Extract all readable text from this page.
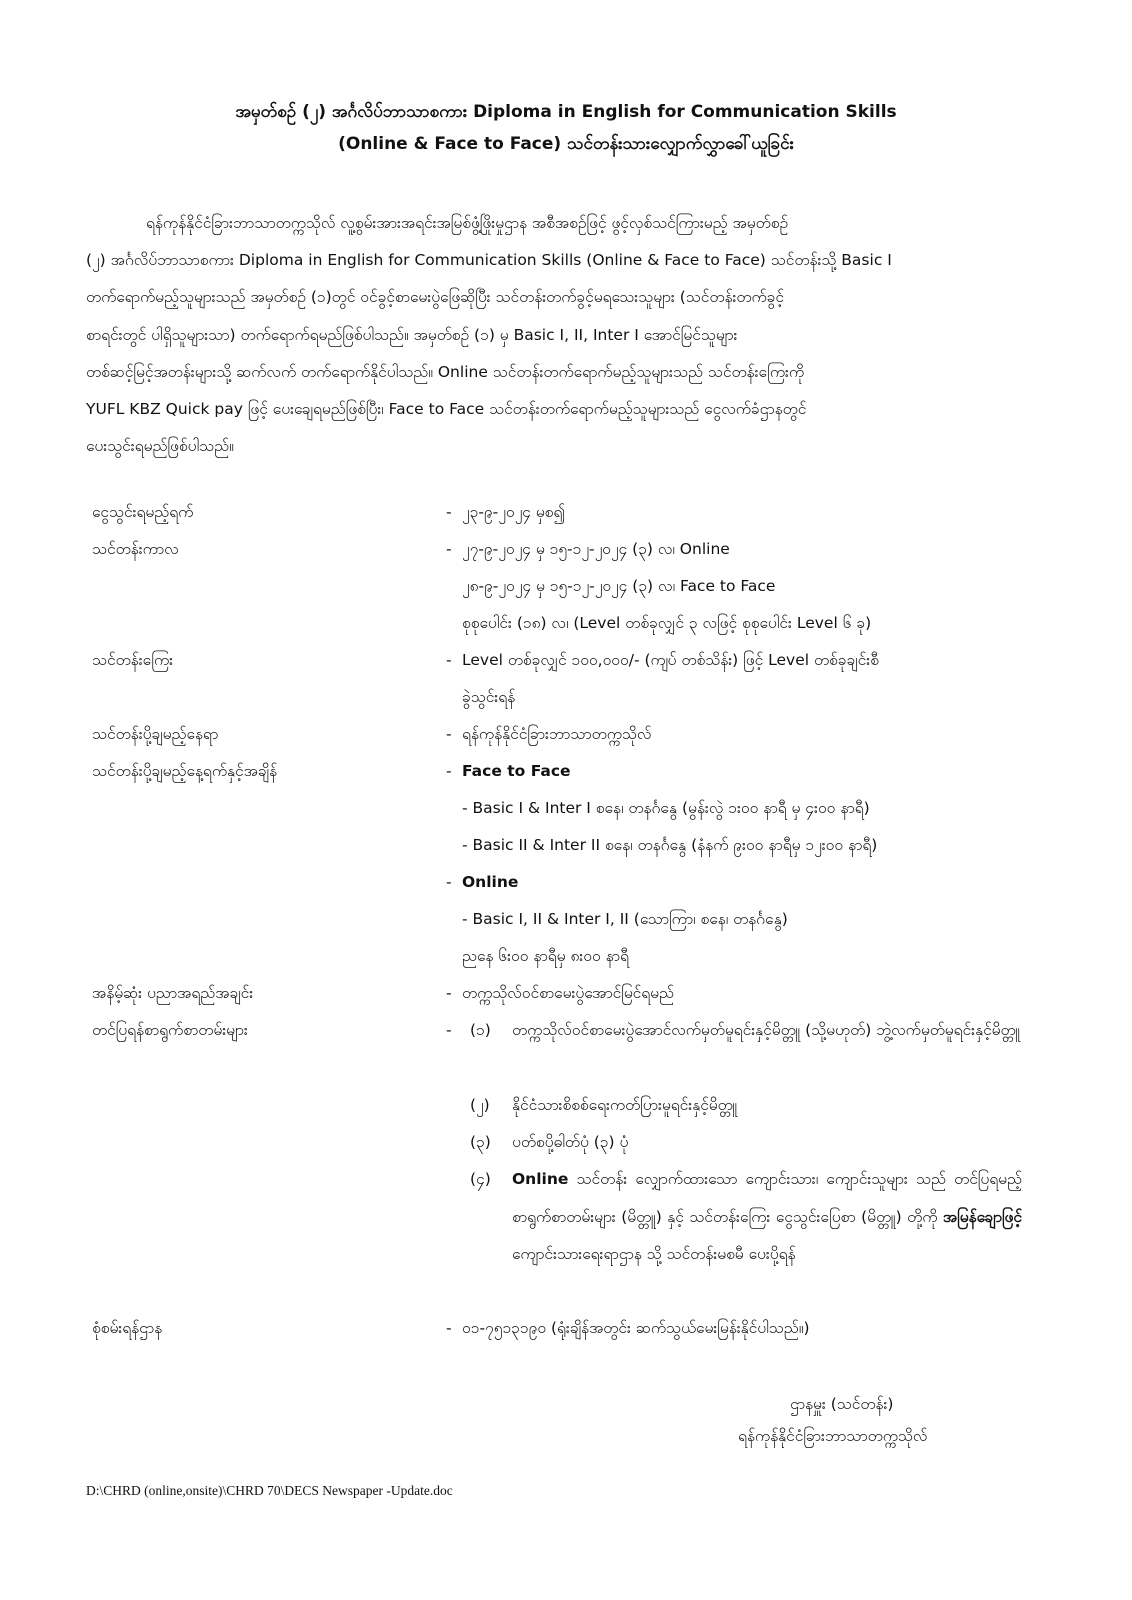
အမှတ်စဉ် (၂) အင်္ဂလိပ်ဘာသာစကား Diploma in English for Communication Skills
(Online & Face to Face) သင်တန်းသားလျှောက်လွှာခေါ်ယူခြင်း
ရန်ကုန်နိုင်ငံခြားဘာသာတက္ကသိုလ် လူ့စွမ်းအားအရင်းအမြစ်ဖွံ့ဖြိုးမှုဌာန အစီအစဉ်ဖြင့် ဖွင့်လှစ်သင်ကြားမည့် အမှတ်စဉ်
(၂) အင်္ဂလိပ်ဘာသာစကား Diploma in English for Communication Skills (Online & Face to Face) သင်တန်းသို့ Basic I
တက်ရောက်မည့်သူများသည် အမှတ်စဉ် (၁)တွင် ဝင်ခွင့်စာမေးပွဲဖြေဆိုပြီး သင်တန်းတက်ခွင့်မရသေးသူများ (သင်တန်းတက်ခွင့်
စာရင်းတွင် ပါရှိသူများသာ) တက်ရောက်ရမည်ဖြစ်ပါသည်။ အမှတ်စဉ် (၁) မှ Basic I, II, Inter I အောင်မြင်သူများ
တစ်ဆင့်မြင့်အတန်းများသို့ ဆက်လက် တက်ရောက်နိုင်ပါသည်။ Online သင်တန်းတက်ရောက်မည့်သူများသည် သင်တန်းကြေးကို
YUFL KBZ Quick pay ဖြင့် ပေးချေရမည်ဖြစ်ပြီး၊ Face to Face သင်တန်းတက်ရောက်မည့်သူများသည် ငွေလက်ခံဌာနတွင်
ပေးသွင်းရမည်ဖြစ်ပါသည်။
ငွေသွင်းရမည့်ရက်	- ၂၃-၉-၂၀၂၄ မှစ၍
သင်တန်းကာလ	- ၂၇-၉-၂၀၂၄ မှ ၁၅-၁၂-၂၀၂၄ (၃) လ၊ Online
၂၈-၉-၂၀၂၄ မှ ၁၅-၁၂-၂၀၂၄ (၃) လ၊ Face to Face
စုစုပေါင်း (၁၈) လ၊ (Level တစ်ခုလျှင် ၃ လဖြင့် စုစုပေါင်း Level ၆ ခု)
သင်တန်းကြေး	- Level တစ်ခုလျှင် ၁၀၀,၀၀၀/- (ကျပ် တစ်သိန်း) ဖြင့် Level တစ်ခုချင်းစီ
ခွဲသွင်းရန်
သင်တန်းပို့ချမည့်နေရာ	- ရန်ကုန်နိုင်ငံခြားဘာသာတက္ကသိုလ်
သင်တန်းပို့ချမည့်နေ့ရက်နှင့်အချိန်	- Face to Face
- Basic I & Inter I စနေ၊ တနင်္ဂနွေ (မွန်းလွဲ ၁း၀၀ နာရီ မှ ၄း၀၀ နာရီ)
- Basic II & Inter II စနေ၊ တနင်္ဂနွေ (နံနက် ၉း၀၀ နာရီမှ ၁၂း၀၀ နာရီ)
- Online
- Basic I, II & Inter I, II (သောကြာ၊ စနေ၊ တနင်္ဂနွေ)
ညနေ ၆း၀၀ နာရီမှ ၈း၀၀ နာရီ
အနိမ့်ဆုံး ပညာအရည်အချင်း	- တက္ကသိုလ်ဝင်စာမေးပွဲအောင်မြင်ရမည်
တင်ပြရန်စာရွက်စာတမ်းများ	- (၁) တက္ကသိုလ်ဝင်စာမေးပွဲအောင်လက်မှတ်မူရင်းနှင့်မိတ္တူ (သို့မဟုတ်) ဘွဲ့လက်မှတ်မူရင်းနှင့်မိတ္တူ
(၂) နိုင်ငံသားစိစစ်ရေးကတ်ပြားမူရင်းနှင့်မိတ္တူ
(၃) ပတ်စပို့ဓါတ်ပုံ (၃) ပုံ
(၄) Online သင်တန်း လျှောက်ထားသော ကျောင်းသား၊ ကျောင်းသူများ သည် တင်ပြရမည့် စာရွက်စာတမ်းများ (မိတ္တူ) နှင့် သင်တန်းကြေး ငွေသွင်းပြေစာ (မိတ္တူ) တို့ကို အမြန်ချောဖြင့် ကျောင်းသားရေးရာဌာန သို့ သင်တန်းမစမီ ပေးပို့ရန်
စုံစမ်းရန်ဌာန	- ၀၁-၇၅၁၃၁၉၀ (ရုံးချိန်အတွင်း ဆက်သွယ်မေးမြန်းနိုင်ပါသည်။)
ဌာနမှူး (သင်တန်း)
ရန်ကုန်နိုင်ငံခြားဘာသာတက္ကသိုလ်
D:\CHRD (online,onsite)\CHRD 70\DECS Newspaper -Update.doc
